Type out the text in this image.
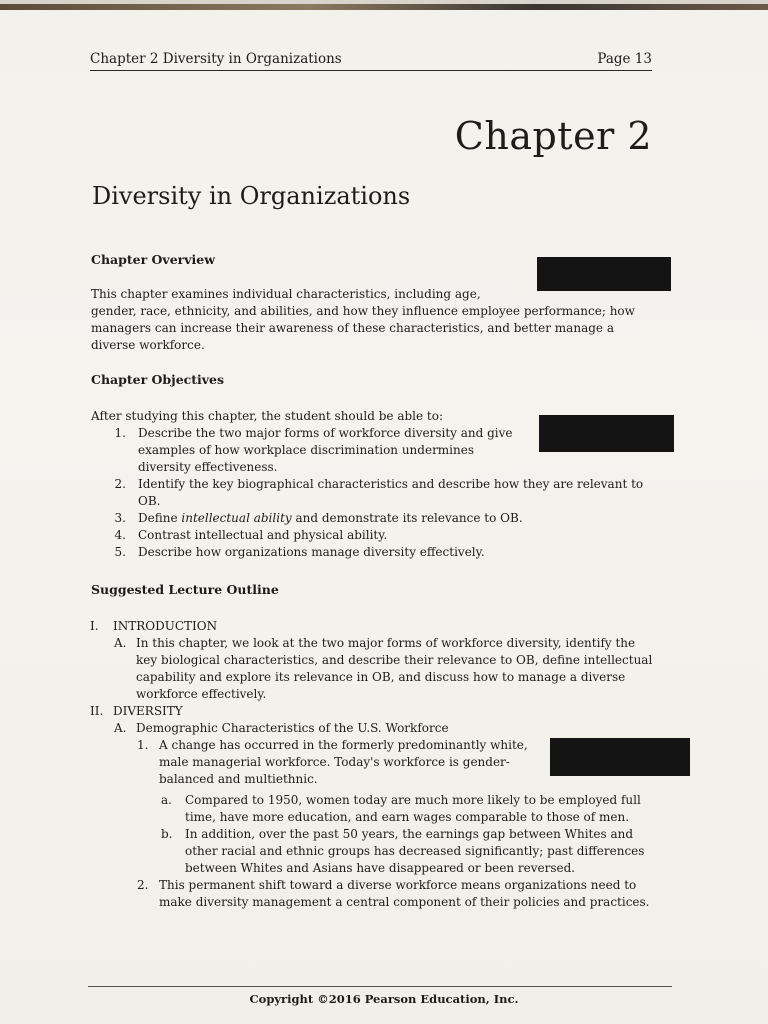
Chapter 2 Diversity in Organizations	Page 13
Chapter 2
Diversity in Organizations
Chapter Overview
This chapter examines individual characteristics, including age,
gender, race, ethnicity, and abilities, and how they influence employee performance; how
managers can increase their awareness of these characteristics, and better manage a
diverse workforce.
Chapter Objectives
After studying this chapter, the student should be able to:
1. Describe the two major forms of workforce diversity and give
examples of how workplace discrimination undermines
diversity effectiveness.
2. Identify the key biographical characteristics and describe how they are relevant to
OB.
3. Define intellectual ability and demonstrate its relevance to OB.
4. Contrast intellectual and physical ability.
5. Describe how organizations manage diversity effectively.
Suggested Lecture Outline
I. INTRODUCTION
A. In this chapter, we look at the two major forms of workforce diversity, identify the
key biological characteristics, and describe their relevance to OB, define intellectual
capability and explore its relevance in OB, and discuss how to manage a diverse
workforce effectively.
II. DIVERSITY
A. Demographic Characteristics of the U.S. Workforce
1. A change has occurred in the formerly predominantly white,
male managerial workforce. Today's workforce is gender-
balanced and multiethnic.
a.	Compared to 1950, women today are much more likely to be employed full
time, have more education, and earn wages comparable to those of men.
b.	In addition, over the past 50 years, the earnings gap between Whites and
other racial and ethnic groups has decreased significantly; past differences
between Whites and Asians have disappeared or been reversed.
2. This permanent shift toward a diverse workforce means organizations need to
make diversity management a central component of their policies and practices.
Copyright ©2016 Pearson Education, Inc.
